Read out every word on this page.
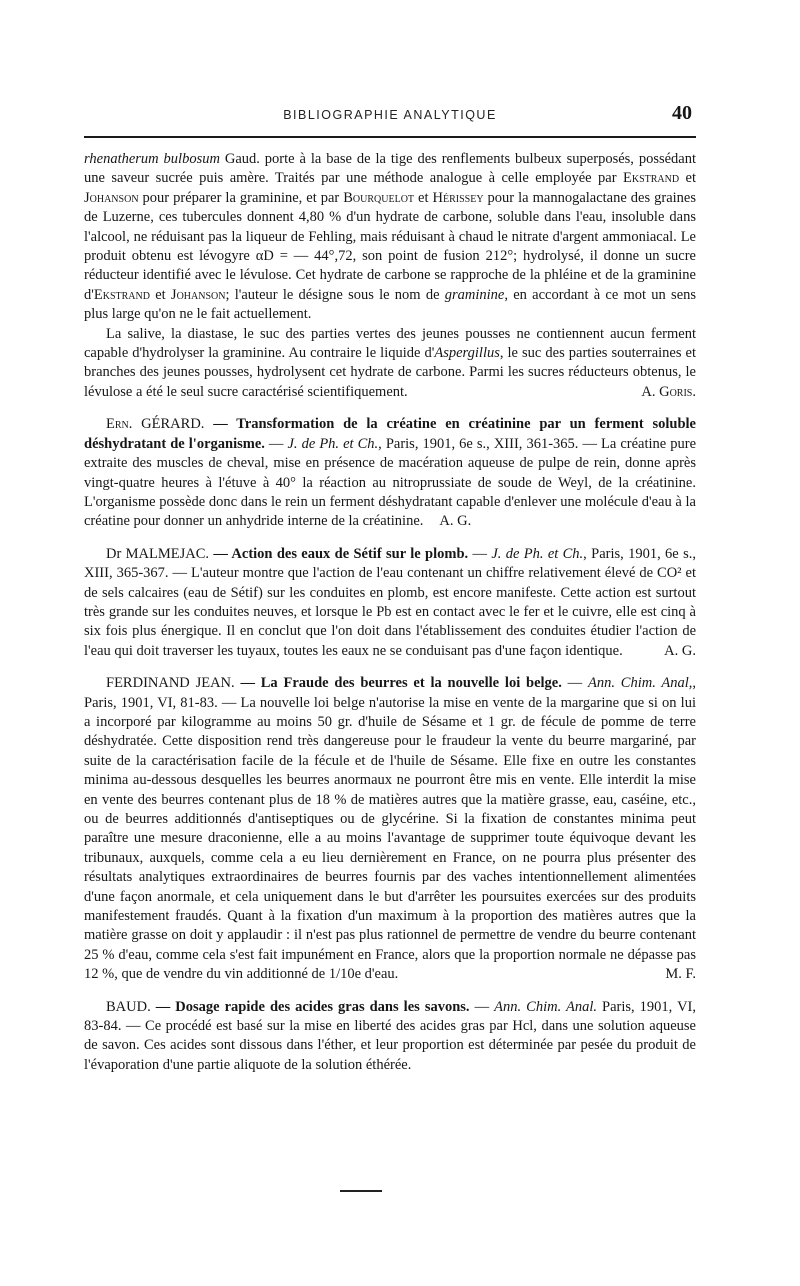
BIBLIOGRAPHIE ANALYTIQUE	40

rhenatherum bulbosum Gaud. porte à la base de la tige des renflements bulbeux superposés, possédant une saveur sucrée puis amère. Traités par une méthode analogue à celle employée par Ekstrand et Johanson pour préparer la graminine, et par Bourquelot et Hérissey pour la mannogalactane des graines de Luzerne, ces tubercules donnent 4,80 % d'un hydrate de carbone, soluble dans l'eau, insoluble dans l'alcool, ne réduisant pas la liqueur de Fehling, mais réduisant à chaud le nitrate d'argent ammoniacal. Le produit obtenu est lévogyre αD = — 44°,72, son point de fusion 212°; hydrolysé, il donne un sucre réducteur identifié avec le lévulose. Cet hydrate de carbone se rapproche de la phléine et de la graminine d'Ekstrand et Johanson; l'auteur le désigne sous le nom de graminine, en accordant à ce mot un sens plus large qu'on ne le fait actuellement.

La salive, la diastase, le suc des parties vertes des jeunes pousses ne contiennent aucun ferment capable d'hydrolyser la graminine. Au contraire le liquide d'Aspergillus, le suc des parties souterraines et branches des jeunes pousses, hydrolysent cet hydrate de carbone. Parmi les sucres réducteurs obtenus, le lévulose a été le seul sucre caractérisé scientifiquement.	A. Goris.

Ern. GÉRARD. — Transformation de la créatine en créatinine par un ferment soluble déshydratant de l'organisme. — J. de Ph. et Ch., Paris, 1901, 6e s., XIII, 361-365. — La créatine pure extraite des muscles de cheval, mise en présence de macération aqueuse de pulpe de rein, donne après vingt-quatre heures à l'étuve à 40° la réaction au nitroprussiate de soude de Weyl, de la créatinine. L'organisme possède donc dans le rein un ferment déshydratant capable d'enlever une molécule d'eau à la créatine pour donner un anhydride interne de la créatinine. A. G.

Dr MALMEJAC. — Action des eaux de Sétif sur le plomb. — J. de Ph. et Ch., Paris, 1901, 6e s., XIII, 365-367. — L'auteur montre que l'action de l'eau contenant un chiffre relativement élevé de CO² et de sels calcaires (eau de Sétif) sur les conduites en plomb, est encore manifeste. Cette action est surtout très grande sur les conduites neuves, et lorsque le Pb est en contact avec le fer et le cuivre, elle est cinq à six fois plus énergique. Il en conclut que l'on doit dans l'établissement des conduites étudier l'action de l'eau qui doit traverser les tuyaux, toutes les eaux ne se conduisant pas d'une façon identique.	A. G.

FERDINAND JEAN. — La Fraude des beurres et la nouvelle loi belge. — Ann. Chim. Anal,, Paris, 1901, VI, 81-83. — La nouvelle loi belge n'autorise la mise en vente de la margarine que si on lui a incorporé par kilogramme au moins 50 gr. d'huile de Sésame et 1 gr. de fécule de pomme de terre déshydratée. Cette disposition rend très dangereuse pour le fraudeur la vente du beurre margariné, par suite de la caractérisation facile de la fécule et de l'huile de Sésame. Elle fixe en outre les constantes minima au-dessous desquelles les beurres anormaux ne pourront être mis en vente. Elle interdit la mise en vente des beurres contenant plus de 18 % de matières autres que la matière grasse, eau, caséine, etc., ou de beurres additionnés d'antiseptiques ou de glycérine. Si la fixation de constantes minima peut paraître une mesure draconienne, elle a au moins l'avantage de supprimer toute équivoque devant les tribunaux, auxquels, comme cela a eu lieu dernièrement en France, on ne pourra plus présenter des résultats analytiques extraordinaires de beurres fournis par des vaches intentionnellement alimentées d'une façon anormale, et cela uniquement dans le but d'arrêter les poursuites exercées sur des produits manifestement fraudés. Quant à la fixation d'un maximum à la proportion des matières autres que la matière grasse on doit y applaudir : il n'est pas plus rationnel de permettre de vendre du beurre contenant 25 % d'eau, comme cela s'est fait impunément en France, alors que la proportion normale ne dépasse pas 12 %, que de vendre du vin additionné de 1/10e d'eau.	M. F.

BAUD. — Dosage rapide des acides gras dans les savons. — Ann. Chim. Anal. Paris, 1901, VI, 83-84. — Ce procédé est basé sur la mise en liberté des acides gras par Hcl, dans une solution aqueuse de savon. Ces acides sont dissous dans l'éther, et leur proportion est déterminée par pesée du produit de l'évaporation d'une partie aliquote de la solution éthérée.
